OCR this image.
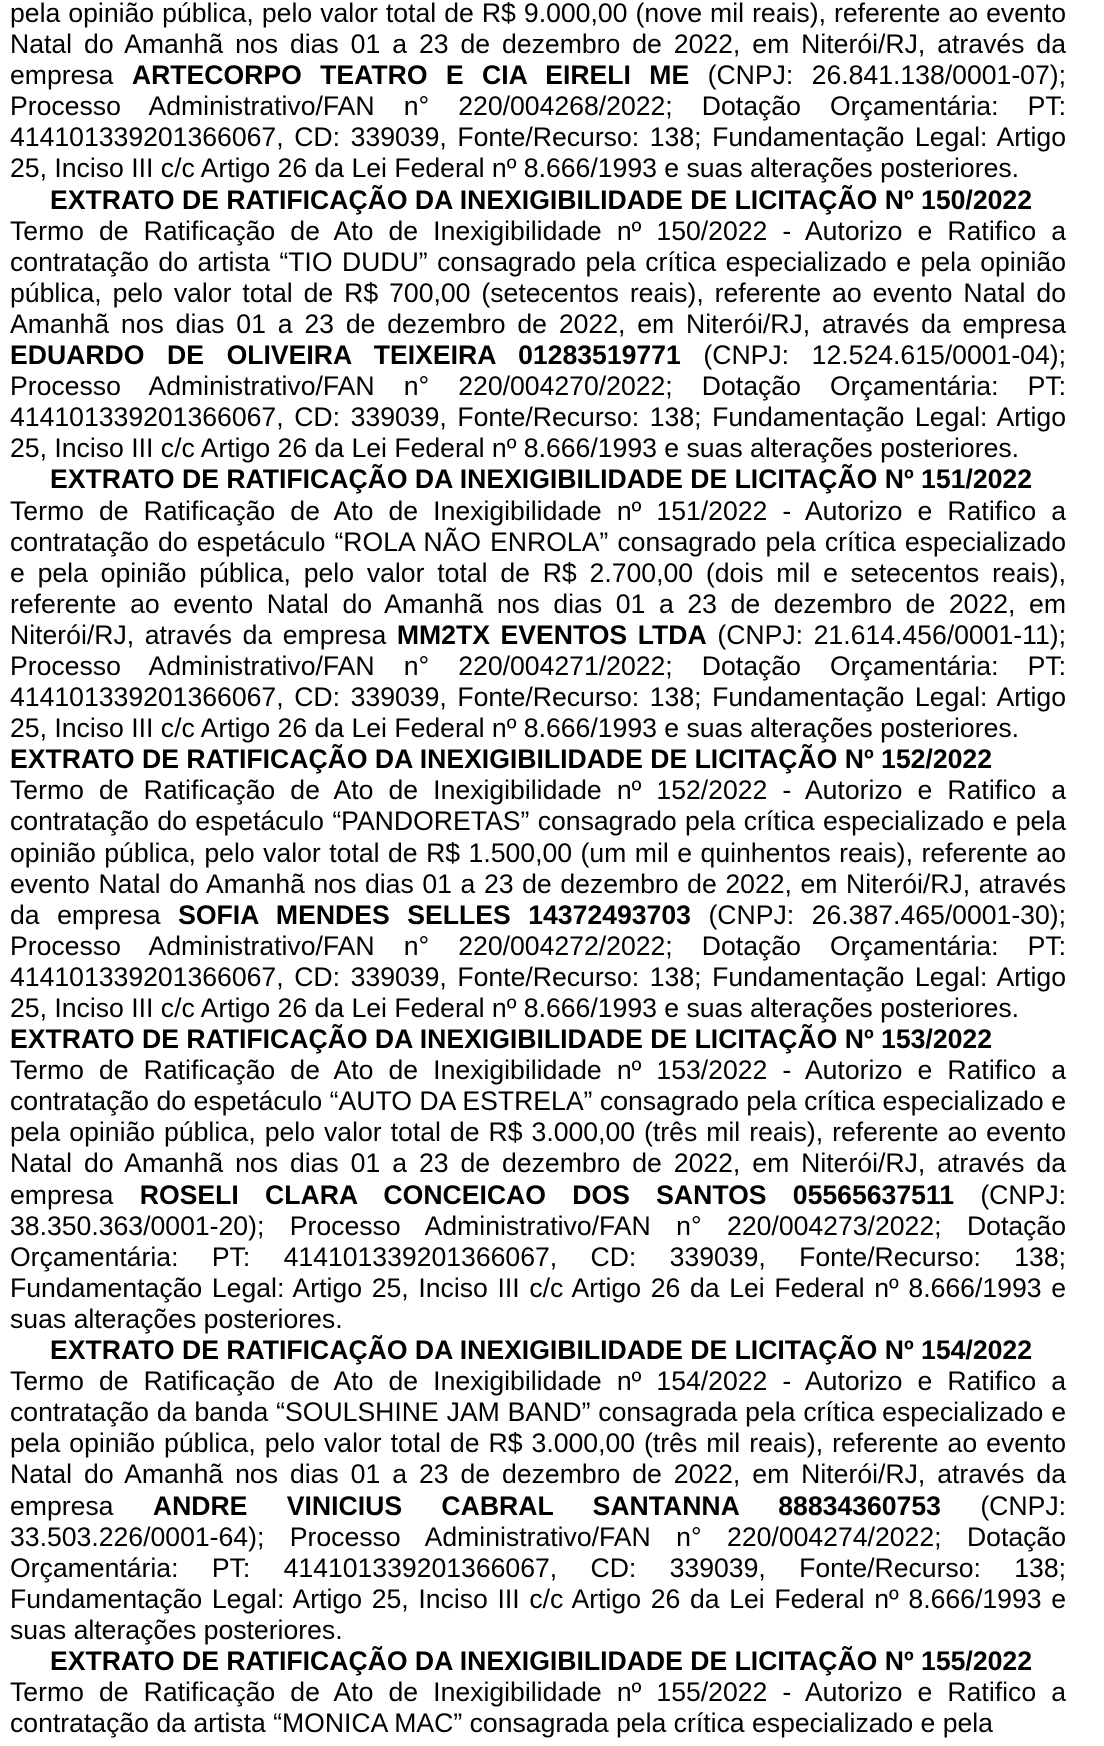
pela opinião pública, pelo valor total de R$ 9.000,00 (nove mil reais), referente ao evento Natal do Amanhã nos dias 01 a 23 de dezembro de 2022, em Niterói/RJ, através da empresa ARTECORPO TEATRO E CIA EIRELI ME (CNPJ: 26.841.138/0001-07); Processo Administrativo/FAN n° 220/004268/2022; Dotação Orçamentária: PT: 414101339201366067, CD: 339039, Fonte/Recurso: 138; Fundamentação Legal: Artigo 25, Inciso III c/c Artigo 26 da Lei Federal nº 8.666/1993 e suas alterações posteriores.

EXTRATO DE RATIFICAÇÃO DA INEXIGIBILIDADE DE LICITAÇÃO Nº 150/2022

Termo de Ratificação de Ato de Inexigibilidade nº 150/2022 - Autorizo e Ratifico a contratação do artista “TIO DUDU” consagrado pela crítica especializado e pela opinião pública, pelo valor total de R$ 700,00 (setecentos reais), referente ao evento Natal do Amanhã nos dias 01 a 23 de dezembro de 2022, em Niterói/RJ, através da empresa EDUARDO DE OLIVEIRA TEIXEIRA 01283519771 (CNPJ: 12.524.615/0001-04); Processo Administrativo/FAN n° 220/004270/2022; Dotação Orçamentária: PT: 414101339201366067, CD: 339039, Fonte/Recurso: 138; Fundamentação Legal: Artigo 25, Inciso III c/c Artigo 26 da Lei Federal nº 8.666/1993 e suas alterações posteriores.

EXTRATO DE RATIFICAÇÃO DA INEXIGIBILIDADE DE LICITAÇÃO Nº 151/2022

Termo de Ratificação de Ato de Inexigibilidade nº 151/2022 - Autorizo e Ratifico a contratação do espetáculo “ROLA NÃO ENROLA” consagrado pela crítica especializado e pela opinião pública, pelo valor total de R$ 2.700,00 (dois mil e setecentos reais), referente ao evento Natal do Amanhã nos dias 01 a 23 de dezembro de 2022, em Niterói/RJ, através da empresa MM2TX EVENTOS LTDA (CNPJ: 21.614.456/0001-11); Processo Administrativo/FAN n° 220/004271/2022; Dotação Orçamentária: PT: 414101339201366067, CD: 339039, Fonte/Recurso: 138; Fundamentação Legal: Artigo 25, Inciso III c/c Artigo 26 da Lei Federal nº 8.666/1993 e suas alterações posteriores.

EXTRATO DE RATIFICAÇÃO DA INEXIGIBILIDADE DE LICITAÇÃO Nº 152/2022

Termo de Ratificação de Ato de Inexigibilidade nº 152/2022 - Autorizo e Ratifico a contratação do espetáculo “PANDORETAS” consagrado pela crítica especializado e pela opinião pública, pelo valor total de R$ 1.500,00 (um mil e quinhentos reais), referente ao evento Natal do Amanhã nos dias 01 a 23 de dezembro de 2022, em Niterói/RJ, através da empresa SOFIA MENDES SELLES 14372493703 (CNPJ: 26.387.465/0001-30); Processo Administrativo/FAN n° 220/004272/2022; Dotação Orçamentária: PT: 414101339201366067, CD: 339039, Fonte/Recurso: 138; Fundamentação Legal: Artigo 25, Inciso III c/c Artigo 26 da Lei Federal nº 8.666/1993 e suas alterações posteriores.

EXTRATO DE RATIFICAÇÃO DA INEXIGIBILIDADE DE LICITAÇÃO Nº 153/2022

Termo de Ratificação de Ato de Inexigibilidade nº 153/2022 - Autorizo e Ratifico a contratação do espetáculo “AUTO DA ESTRELA” consagrado pela crítica especializado e pela opinião pública, pelo valor total de R$ 3.000,00 (três mil reais), referente ao evento Natal do Amanhã nos dias 01 a 23 de dezembro de 2022, em Niterói/RJ, através da empresa ROSELI CLARA CONCEICAO DOS SANTOS 05565637511 (CNPJ: 38.350.363/0001-20); Processo Administrativo/FAN n° 220/004273/2022; Dotação Orçamentária: PT: 414101339201366067, CD: 339039, Fonte/Recurso: 138; Fundamentação Legal: Artigo 25, Inciso III c/c Artigo 26 da Lei Federal nº 8.666/1993 e suas alterações posteriores.

EXTRATO DE RATIFICAÇÃO DA INEXIGIBILIDADE DE LICITAÇÃO Nº 154/2022

Termo de Ratificação de Ato de Inexigibilidade nº 154/2022 - Autorizo e Ratifico a contratação da banda “SOULSHINE JAM BAND” consagrada pela crítica especializado e pela opinião pública, pelo valor total de R$ 3.000,00 (três mil reais), referente ao evento Natal do Amanhã nos dias 01 a 23 de dezembro de 2022, em Niterói/RJ, através da empresa ANDRE VINICIUS CABRAL SANTANNA 88834360753 (CNPJ: 33.503.226/0001-64); Processo Administrativo/FAN n° 220/004274/2022; Dotação Orçamentária: PT: 414101339201366067, CD: 339039, Fonte/Recurso: 138; Fundamentação Legal: Artigo 25, Inciso III c/c Artigo 26 da Lei Federal nº 8.666/1993 e suas alterações posteriores.

EXTRATO DE RATIFICAÇÃO DA INEXIGIBILIDADE DE LICITAÇÃO Nº 155/2022

Termo de Ratificação de Ato de Inexigibilidade nº 155/2022 - Autorizo e Ratifico a contratação da artista “MONICA MAC” consagrada pela crítica especializado e pela
